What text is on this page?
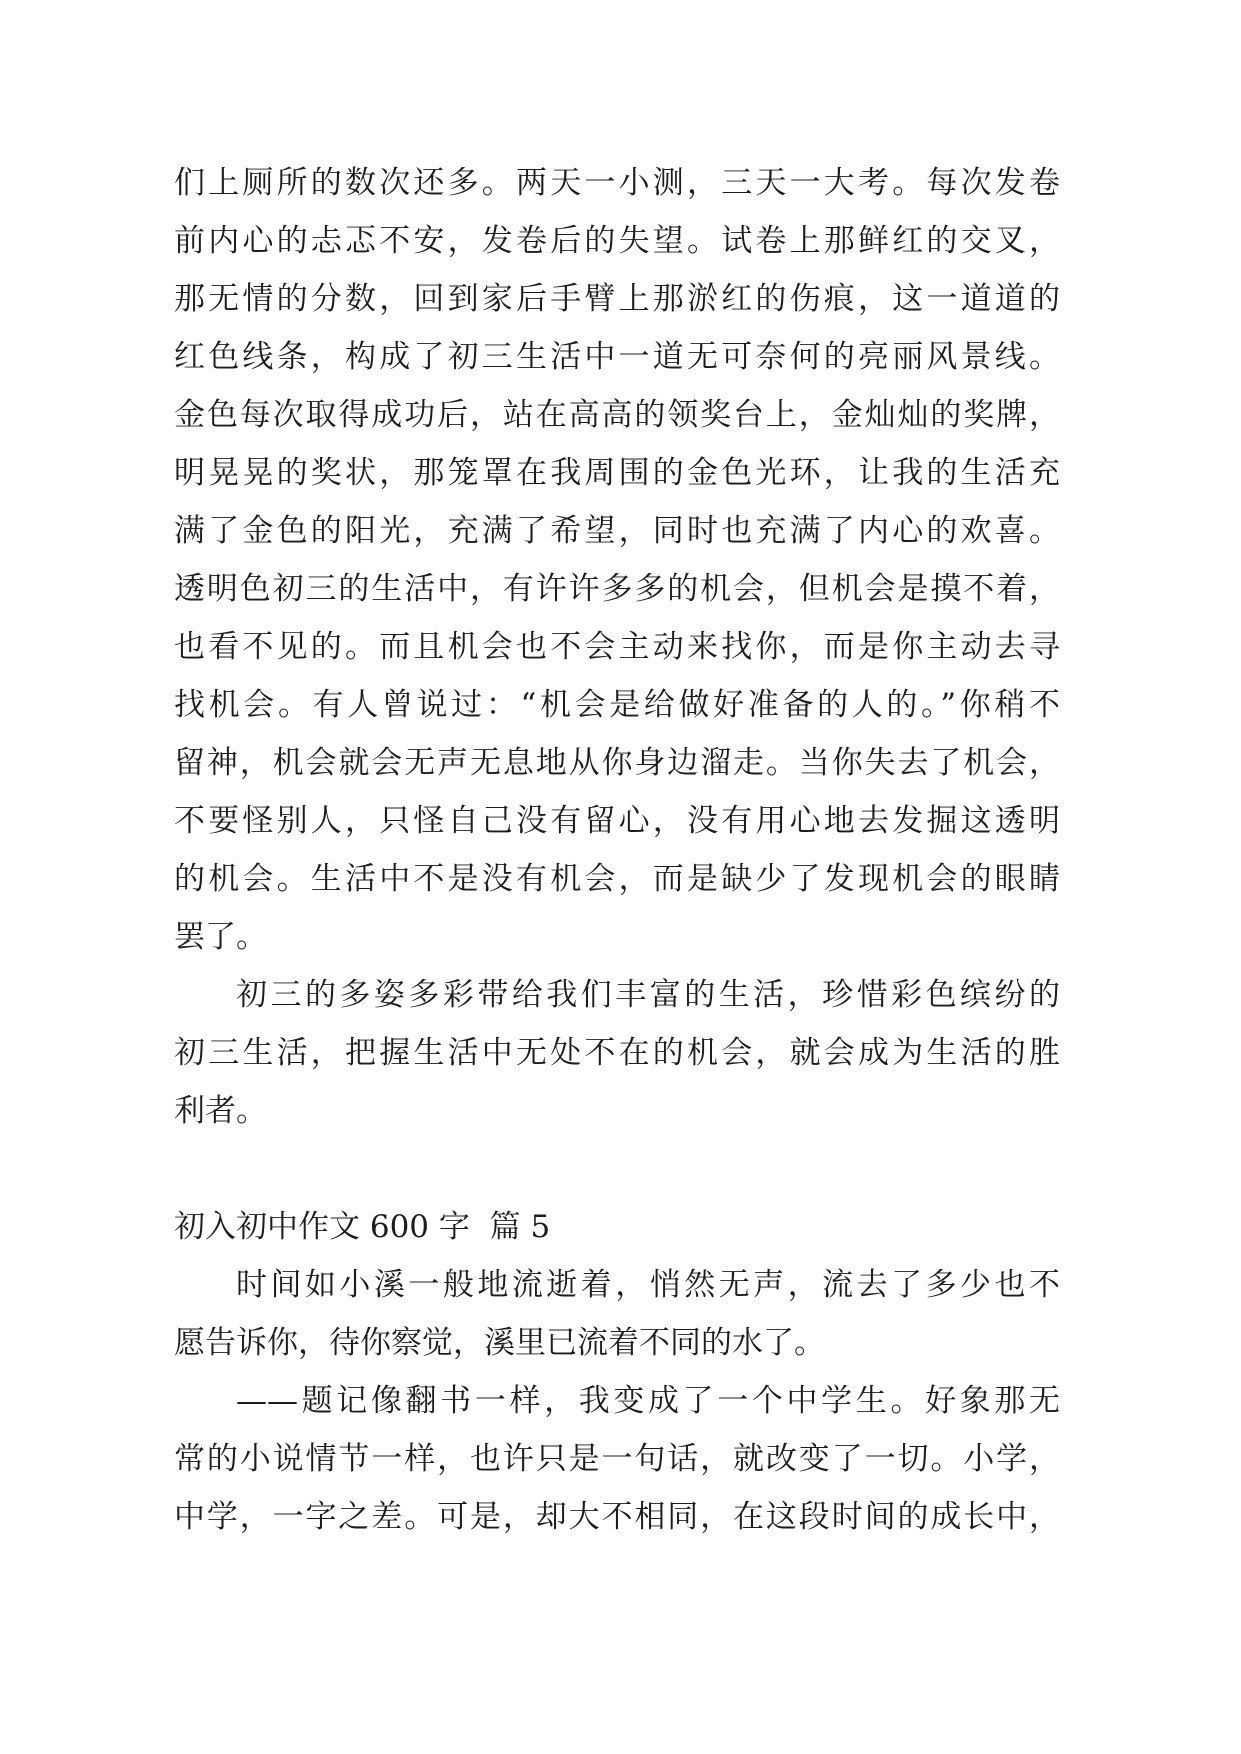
们上厕所的数次还多。两天一小测，三天一大考。每次发卷
前内心的忐忑不安，发卷后的失望。试卷上那鲜红的交叉，
那无情的分数，回到家后手臂上那淤红的伤痕，这一道道的
红色线条，构成了初三生活中一道无可奈何的亮丽风景线。
金色每次取得成功后，站在高高的领奖台上，金灿灿的奖牌，
明晃晃的奖状，那笼罩在我周围的金色光环，让我的生活充
满了金色的阳光，充满了希望，同时也充满了内心的欢喜。
透明色初三的生活中，有许许多多的机会，但机会是摸不着，
也看不见的。而且机会也不会主动来找你，而是你主动去寻
找机会。有人曾说过：“机会是给做好准备的人的。”你稍不
留神，机会就会无声无息地从你身边溜走。当你失去了机会，
不要怪别人，只怪自己没有留心，没有用心地去发掘这透明
的机会。生活中不是没有机会，而是缺少了发现机会的眼睛
罢了。
初三的多姿多彩带给我们丰富的生活，珍惜彩色缤纷的
初三生活，把握生活中无处不在的机会，就会成为生活的胜
利者。
初入初中作文 600 字  篇 5
时间如小溪一般地流逝着，悄然无声，流去了多少也不
愿告诉你，待你察觉，溪里已流着不同的水了。
——题记像翻书一样，我变成了一个中学生。好象那无
常的小说情节一样，也许只是一句话，就改变了一切。小学，
中学，一字之差。可是，却大不相同，在这段时间的成长中，
